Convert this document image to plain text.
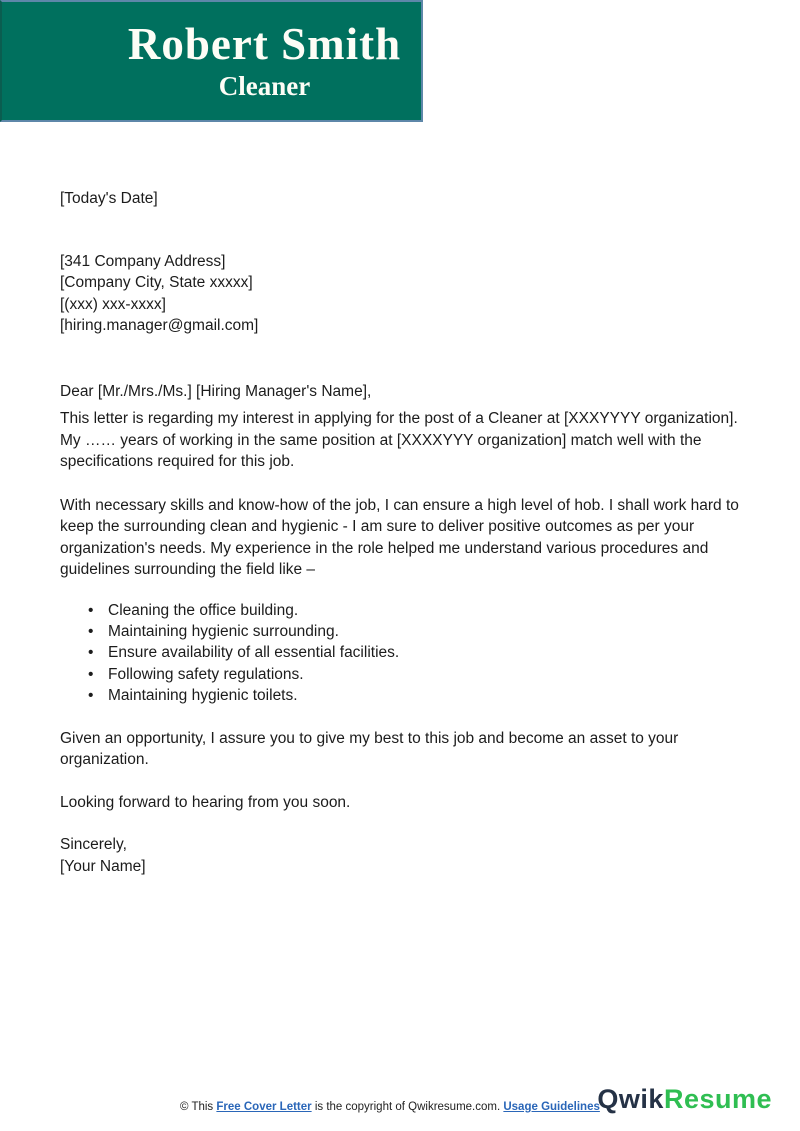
Robert Smith
Cleaner
[Today's Date]
[341 Company Address]
[Company City, State xxxxx]
[(xxx) xxx-xxxx]
[hiring.manager@gmail.com]
Dear [Mr./Mrs./Ms.] [Hiring Manager's Name],
This letter is regarding my interest in applying for the post of a Cleaner at [XXXYYYY organization]. My …… years of working in the same position at [XXXXYYY organization] match well with the specifications required for this job.
With necessary skills and know-how of the job, I can ensure a high level of hob. I shall work hard to keep the surrounding clean and hygienic - I am sure to deliver positive outcomes as per your organization's needs. My experience in the role helped me understand various procedures and guidelines surrounding the field like –
• Cleaning the office building.
• Maintaining hygienic surrounding.
• Ensure availability of all essential facilities.
• Following safety regulations.
• Maintaining hygienic toilets.
Given an opportunity, I assure you to give my best to this job and become an asset to your organization.
Looking forward to hearing from you soon.
Sincerely,
[Your Name]
© This Free Cover Letter is the copyright of Qwikresume.com. Usage Guidelines
QwikResume
